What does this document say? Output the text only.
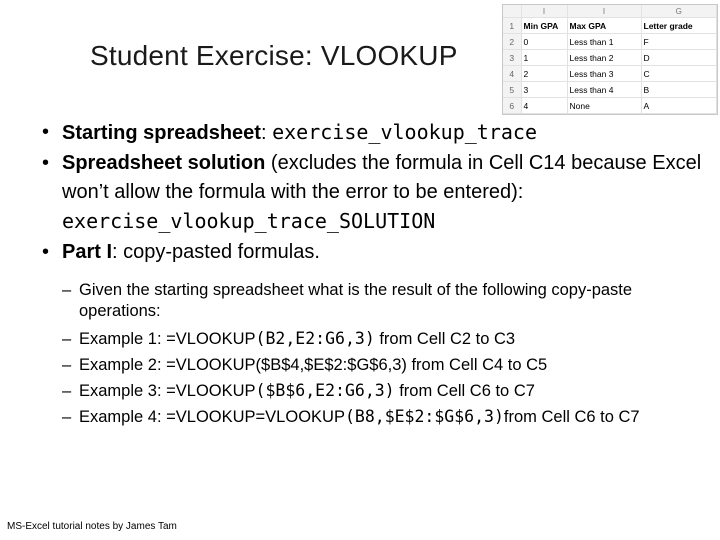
Student Exercise: VLOOKUP
	I	I	G
1	Min GPA	Max GPA	Letter grade
2	0	Less than 1	F
3	1	Less than 2	D
4	2	Less than 3	C
5	3	Less than 4	B
6	4	None	A

• Starting spreadsheet: exercise_vlookup_trace

• Spreadsheet solution (excludes the formula in Cell C14 because Excel won’t allow the formula with the error to be entered): exercise_vlookup_trace_SOLUTION

• Part I: copy-pasted formulas.

– Given the starting spreadsheet what is the result of the following copy-paste operations:

– Example 1: =VLOOKUP(B2,E2:G6,3) from Cell C2 to C3

– Example 2: =VLOOKUP($B$4,$E$2:$G$6,3) from Cell C4 to C5

– Example 3: =VLOOKUP($B$6,E2:G6,3) from Cell C6 to C7

– Example 4: =VLOOKUP=VLOOKUP(B8,$E$2:$G$6,3)from Cell C6 to C7

MS-Excel tutorial notes by James Tam
